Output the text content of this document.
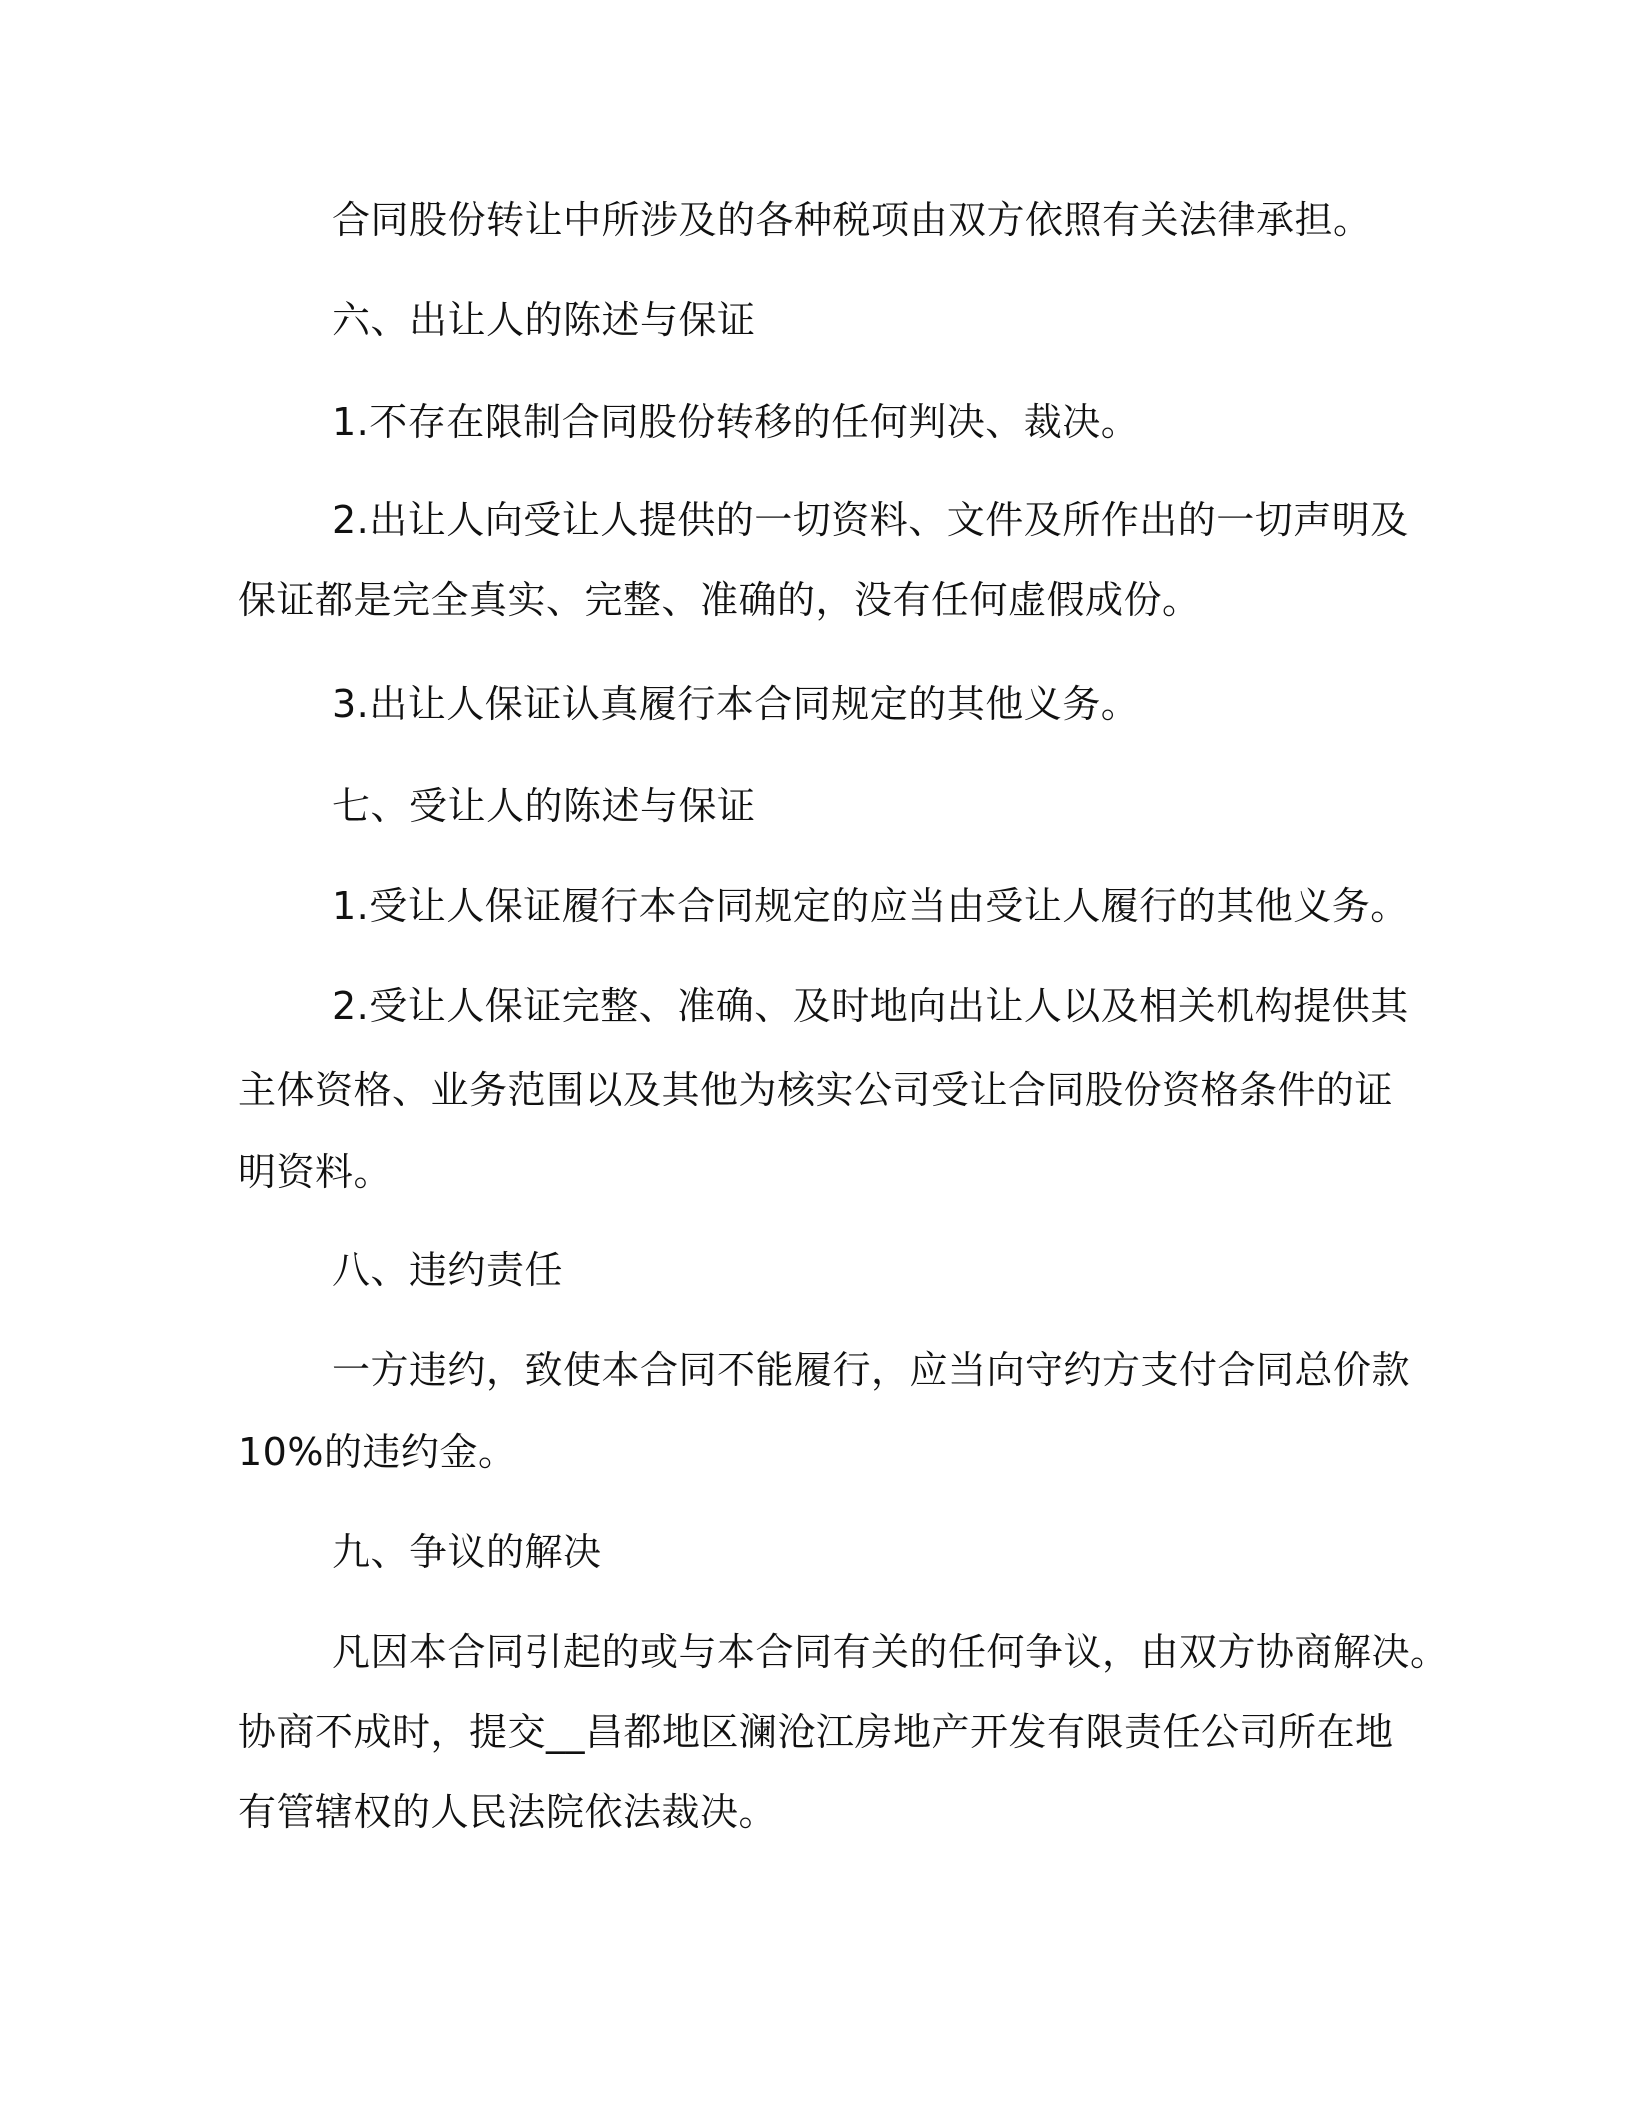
合同股份转让中所涉及的各种税项由双方依照有关法律承担。
六、出让人的陈述与保证
1.不存在限制合同股份转移的任何判决、裁决。
2.出让人向受让人提供的一切资料、文件及所作出的一切声明及
保证都是完全真实、完整、准确的，没有任何虚假成份。
3.出让人保证认真履行本合同规定的其他义务。
七、受让人的陈述与保证
1.受让人保证履行本合同规定的应当由受让人履行的其他义务。
2.受让人保证完整、准确、及时地向出让人以及相关机构提供其
主体资格、业务范围以及其他为核实公司受让合同股份资格条件的证
明资料。
八、违约责任
一方违约，致使本合同不能履行，应当向守约方支付合同总价款
10%的违约金。
九、争议的解决
凡因本合同引起的或与本合同有关的任何争议，由双方协商解决。
协商不成时，提交__昌都地区澜沧江房地产开发有限责任公司所在地
有管辖权的人民法院依法裁决。
